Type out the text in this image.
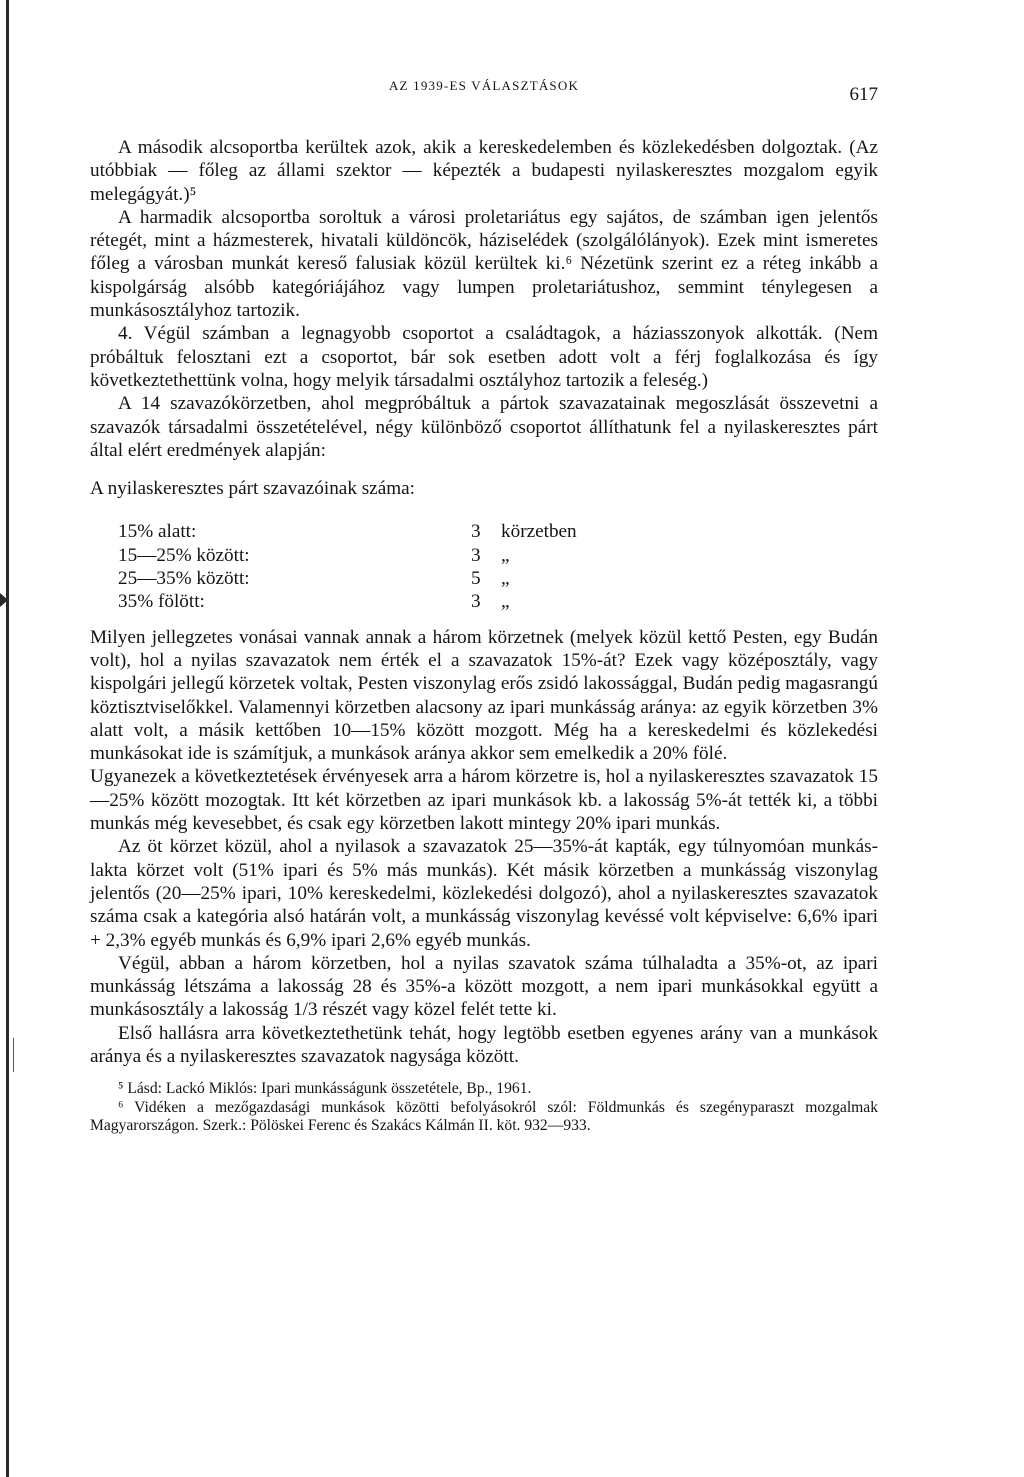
AZ 1939-ES VÁLASZTÁSOK	617

A második alcsoportba kerültek azok, akik a kereskedelemben és közlekedésben dolgoztak. (Az utóbbiak — főleg az állami szektor — képezték a budapesti nyilaskeresztes mozgalom egyik melegágyát.)⁵

A harmadik alcsoportba soroltuk a városi proletariátus egy sajátos, de számban igen jelentős rétegét, mint a házmesterek, hivatali küldöncök, háziselédek (szolgálólányok). Ezek mint ismeretes főleg a városban munkát kereső falusiak közül kerültek ki.⁶ Nézetünk szerint ez a réteg inkább a kispolgárság alsóbb kategóriájához vagy lumpen proletariátushoz, semmint ténylegesen a munkásosztályhoz tartozik.

4. Végül számban a legnagyobb csoportot a családtagok, a háziasszonyok alkották. (Nem próbáltuk felosztani ezt a csoportot, bár sok esetben adott volt a férj foglalkozása és így következtethettünk volna, hogy melyik társadalmi osztályhoz tartozik a feleség.)

A 14 szavazókörzetben, ahol megpróbáltuk a pártok szavazatainak megoszlását összevetni a szavazók társadalmi összetételével, négy különböző csoportot állíthatunk fel a nyilaskeresztes párt által elért eredmények alapján:

A nyilaskeresztes párt szavazóinak száma:

15% alatt:	3	körzetben
15—25% között:	3	„
25—35% között:	5	„
35% fölött:	3	„

Milyen jellegzetes vonásai vannak annak a három körzetnek (melyek közül kettő Pesten, egy Budán volt), hol a nyilas szavazatok nem érték el a szavazatok 15%-át? Ezek vagy középosztály, vagy kispolgári jellegű körzetek voltak, Pesten viszonylag erős zsidó lakossággal, Budán pedig magasrangú köztisztviselőkkel. Valamennyi körzetben alacsony az ipari munkásság aránya: az egyik körzetben 3% alatt volt, a másik kettőben 10—15% között mozgott. Még ha a kereskedelmi és közlekedési munkásokat ide is számítjuk, a munkások aránya akkor sem emelkedik a 20% fölé.

Ugyanezek a következtetések érvényesek arra a három körzetre is, hol a nyilaskeresztes szavazatok 15—25% között mozogtak. Itt két körzetben az ipari munkások kb. a lakosság 5%-át tették ki, a többi munkás még kevesebbet, és csak egy körzetben lakott mintegy 20% ipari munkás.

Az öt körzet közül, ahol a nyilasok a szavazatok 25—35%-át kapták, egy túlnyomóan munkás-lakta körzet volt (51% ipari és 5% más munkás). Két másik körzetben a munkásság viszonylag jelentős (20—25% ipari, 10% kereskedelmi, közlekedési dolgozó), ahol a nyilaskeresztes szavazatok száma csak a kategória alsó határán volt, a munkásság viszonylag kevéssé volt képviselve: 6,6% ipari + 2,3% egyéb munkás és 6,9% ipari 2,6% egyéb munkás.

Végül, abban a három körzetben, hol a nyilas szavatok száma túlhaladta a 35%-ot, az ipari munkásság létszáma a lakosság 28 és 35%-a között mozgott, a nem ipari munkásokkal együtt a munkásosztály a lakosság 1/3 részét vagy közel felét tette ki.

Első hallásra arra következtethetünk tehát, hogy legtöbb esetben egyenes arány van a munkások aránya és a nyilaskeresztes szavazatok nagysága között.

⁵ Lásd: Lackó Miklós: Ipari munkásságunk összetétele, Bp., 1961.

⁶ Vidéken a mezőgazdasági munkások közötti befolyásokról szól: Földmunkás és szegényparaszt mozgalmak Magyarországon. Szerk.: Pölöskei Ferenc és Szakács Kálmán II. köt. 932—933.
